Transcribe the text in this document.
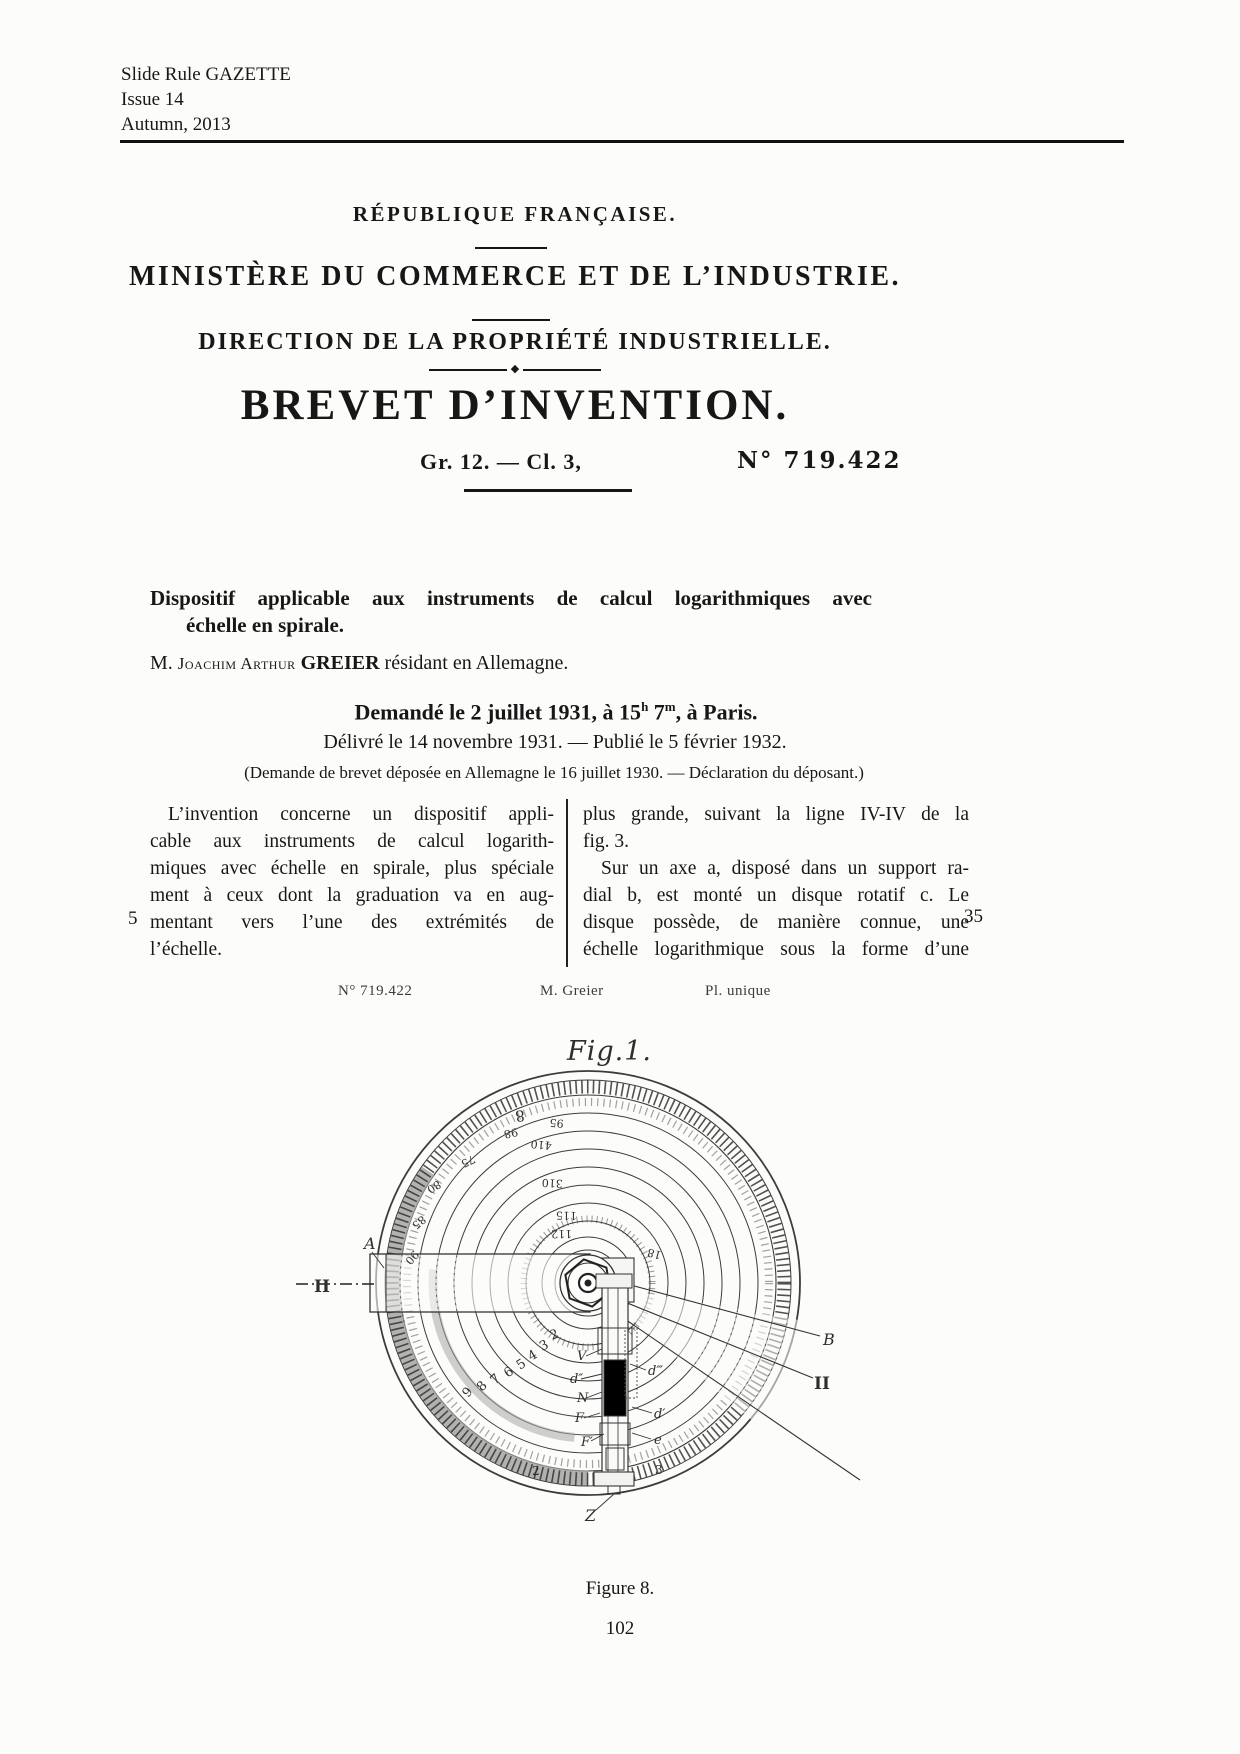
Slide Rule GAZETTE
Issue 14
Autumn, 2013
RÉPUBLIQUE FRANÇAISE.
MINISTÈRE DU COMMERCE ET DE L’INDUSTRIE.
DIRECTION DE LA PROPRIÉTÉ INDUSTRIELLE.
◆
BREVET D’INVENTION.
Gr. 12. — Cl. 3,	N° 719.422
Dispositif applicable aux instruments de calcul logarithmiques avec
échelle en spirale.
M. Joachim Arthur GREIER résidant en Allemagne.
Demandé le 2 juillet 1931, à 15$^h$ 7$^m$, à Paris.
Délivré le 14 novembre 1931. — Publié le 5 février 1932.
(Demande de brevet déposée en Allemagne le 16 juillet 1930. — Déclaration du déposant.)
L’invention concerne un dispositif appli-
cable aux instruments de calcul logarith-
miques avec échelle en spirale, plus spéciale
ment à ceux dont la graduation va en aug-
mentant vers l’une des extrémités de
l’échelle.
5
plus grande, suivant la ligne IV-IV de la
fig. 3.
Sur un axe a, disposé dans un support ra-
dial b, est monté un disque rotatif c. Le
disque possède, de manière connue, une
échelle logarithmique sous la forme d’une
35
N° 719.422	M. Greier	Pl. unique
Fig.1.
A
II
B
II
Z
V
d″
N
F
F′
d‴
d′
e
9
8
7
6
5
4
3
2
8 95
98
75
80
85
90
410
310
115
112
18
2	3
Figure 8.
102
